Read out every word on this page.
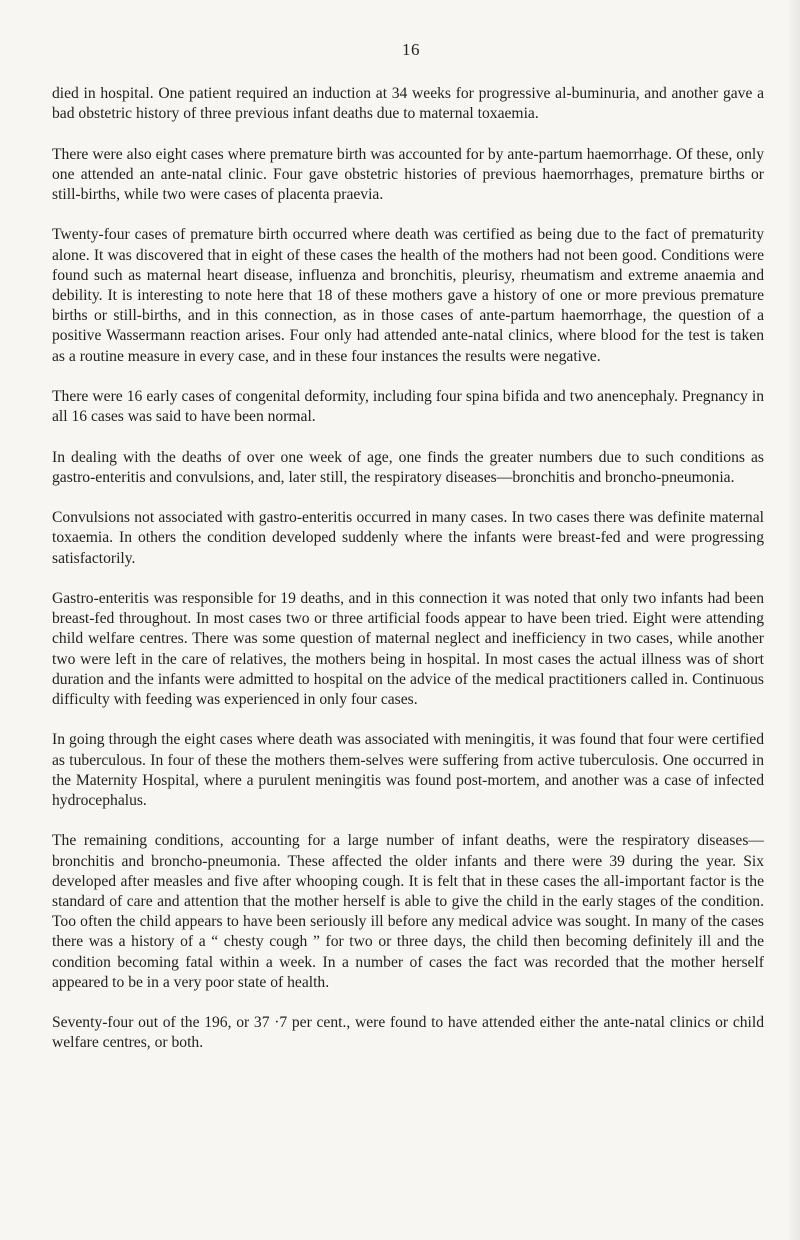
16

died in hospital. One patient required an induction at 34 weeks for progressive al-buminuria, and another gave a bad obstetric history of three previous infant deaths due to maternal toxaemia.

There were also eight cases where premature birth was accounted for by ante-partum haemorrhage. Of these, only one attended an ante-natal clinic. Four gave obstetric histories of previous haemorrhages, premature births or still-births, while two were cases of placenta praevia.

Twenty-four cases of premature birth occurred where death was certified as being due to the fact of prematurity alone. It was discovered that in eight of these cases the health of the mothers had not been good. Conditions were found such as maternal heart disease, influenza and bronchitis, pleurisy, rheumatism and extreme anaemia and debility. It is interesting to note here that 18 of these mothers gave a history of one or more previous premature births or still-births, and in this connection, as in those cases of ante-partum haemorrhage, the question of a positive Wassermann reaction arises. Four only had attended ante-natal clinics, where blood for the test is taken as a routine measure in every case, and in these four instances the results were negative.

There were 16 early cases of congenital deformity, including four spina bifida and two anencephaly. Pregnancy in all 16 cases was said to have been normal.

In dealing with the deaths of over one week of age, one finds the greater numbers due to such conditions as gastro-enteritis and convulsions, and, later still, the respiratory diseases—bronchitis and broncho-pneumonia.

Convulsions not associated with gastro-enteritis occurred in many cases. In two cases there was definite maternal toxaemia. In others the condition developed suddenly where the infants were breast-fed and were progressing satisfactorily.

Gastro-enteritis was responsible for 19 deaths, and in this connection it was noted that only two infants had been breast-fed throughout. In most cases two or three artificial foods appear to have been tried. Eight were attending child welfare centres. There was some question of maternal neglect and inefficiency in two cases, while another two were left in the care of relatives, the mothers being in hospital. In most cases the actual illness was of short duration and the infants were admitted to hospital on the advice of the medical practitioners called in. Continuous difficulty with feeding was experienced in only four cases.

In going through the eight cases where death was associated with meningitis, it was found that four were certified as tuberculous. In four of these the mothers them-selves were suffering from active tuberculosis. One occurred in the Maternity Hospital, where a purulent meningitis was found post-mortem, and another was a case of infected hydrocephalus.

The remaining conditions, accounting for a large number of infant deaths, were the respiratory diseases—bronchitis and broncho-pneumonia. These affected the older infants and there were 39 during the year. Six developed after measles and five after whooping cough. It is felt that in these cases the all-important factor is the standard of care and attention that the mother herself is able to give the child in the early stages of the condition. Too often the child appears to have been seriously ill before any medical advice was sought. In many of the cases there was a history of a “ chesty cough ” for two or three days, the child then becoming definitely ill and the condition becoming fatal within a week. In a number of cases the fact was recorded that the mother herself appeared to be in a very poor state of health.

Seventy-four out of the 196, or 37 ·7 per cent., were found to have attended either the ante-natal clinics or child welfare centres, or both.
